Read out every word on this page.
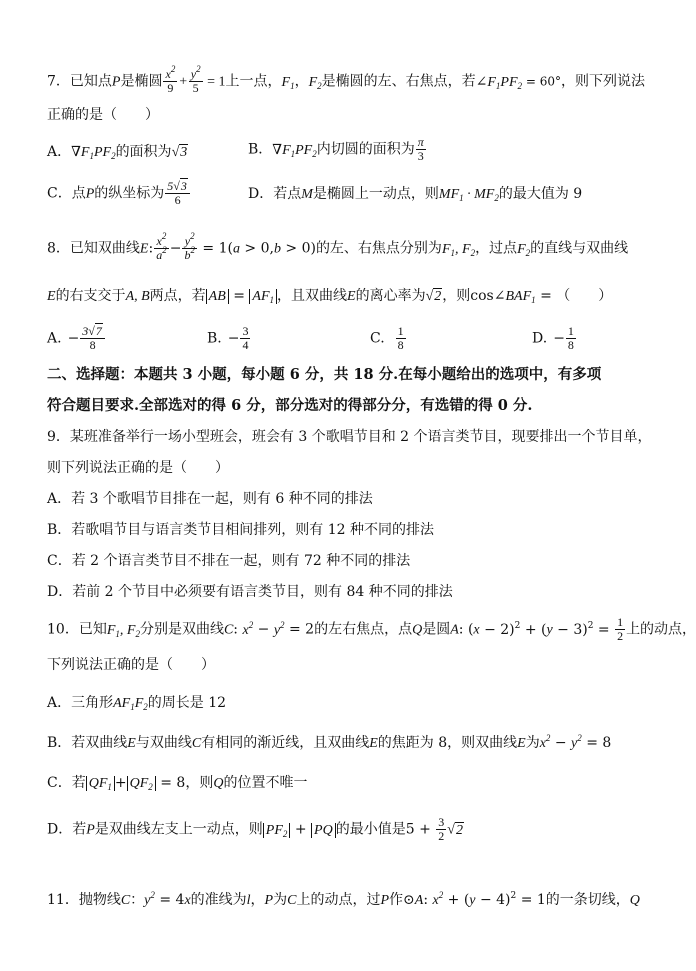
7．已知点P是椭圆 $\frac{x^2}{9} + \frac{y^2}{5} = 1$上一点，$F_1$，$F_2$是椭圆的左、右焦点，若$\angle F_1PF_2 = 60^\circ$，则下列说法
正确的是（　　）
A．$\nabla F_1PF_2$的面积为√3	B．$\nabla F_1PF_2$内切圆的面积为 $\frac{\pi}{3}$
C．点P的纵坐标为 $\frac{5√3}{6}$	D．若点M是椭圆上一动点，则$MF_1 \cdot MF_2$的最大值为 9
8．已知双曲线E: $\frac{x^2}{a^2} - \frac{y^2}{b^2} = 1(a > 0,b > 0)$的左、右焦点分别为$F_1$, $F_2$，过点$F_2$的直线与双曲线
E的右支交于A, B两点，若 AB = $AF_1$ ，且双曲线E的离心率为√2，则$\cos\angle BAF_1$ = （　　）
A. − $\frac{3√7}{8}$	B. − $\frac{3}{4}$	C. $\frac{1}{8}$	D. − $\frac{1}{8}$
二、选择题：本题共 3 小题，每小题 6 分，共 18 分.在每小题给出的选项中，有多项
符合题目要求.全部选对的得 6 分，部分选对的得部分分，有选错的得 0 分.
9．某班准备举行一场小型班会，班会有 3 个歌唱节目和 2 个语言类节目，现要排出一个节目单，
则下列说法正确的是（　　）
A．若 3 个歌唱节目排在一起，则有 6 种不同的排法
B．若歌唱节目与语言类节目相间排列，则有 12 种不同的排法
C．若 2 个语言类节目不排在一起，则有 72 种不同的排法
D．若前 2 个节目中必须要有语言类节目，则有 84 种不同的排法
10．已知$F_1$, $F_2$分别是双曲线C: $x^2 - y^2 = 2$的左右焦点，点Q是圆A: $(x - 2)^2 + (y - 3)^2 = \frac{1}{2}$ 上的动点，
下列说法正确的是（　　）
A．三角形$AF_1F_2$的周长是 12
B．若双曲线E与双曲线C有相同的渐近线，且双曲线E的焦距为 8，则双曲线E为$x^2 - y^2 = 8$
C．若 $QF_1 + QF_2 = 8$，则Q的位置不唯一
D．若P是双曲线左支上一动点，则 $PF_2$ + PQ 的最小值是$5 + \frac{3}{2} √2$
11．抛物线C：$y^2 = 4x$的准线为l，P为C上的动点，过P作⊙A: $x^2 + (y - 4)^2 = 1$的一条切线，Q
